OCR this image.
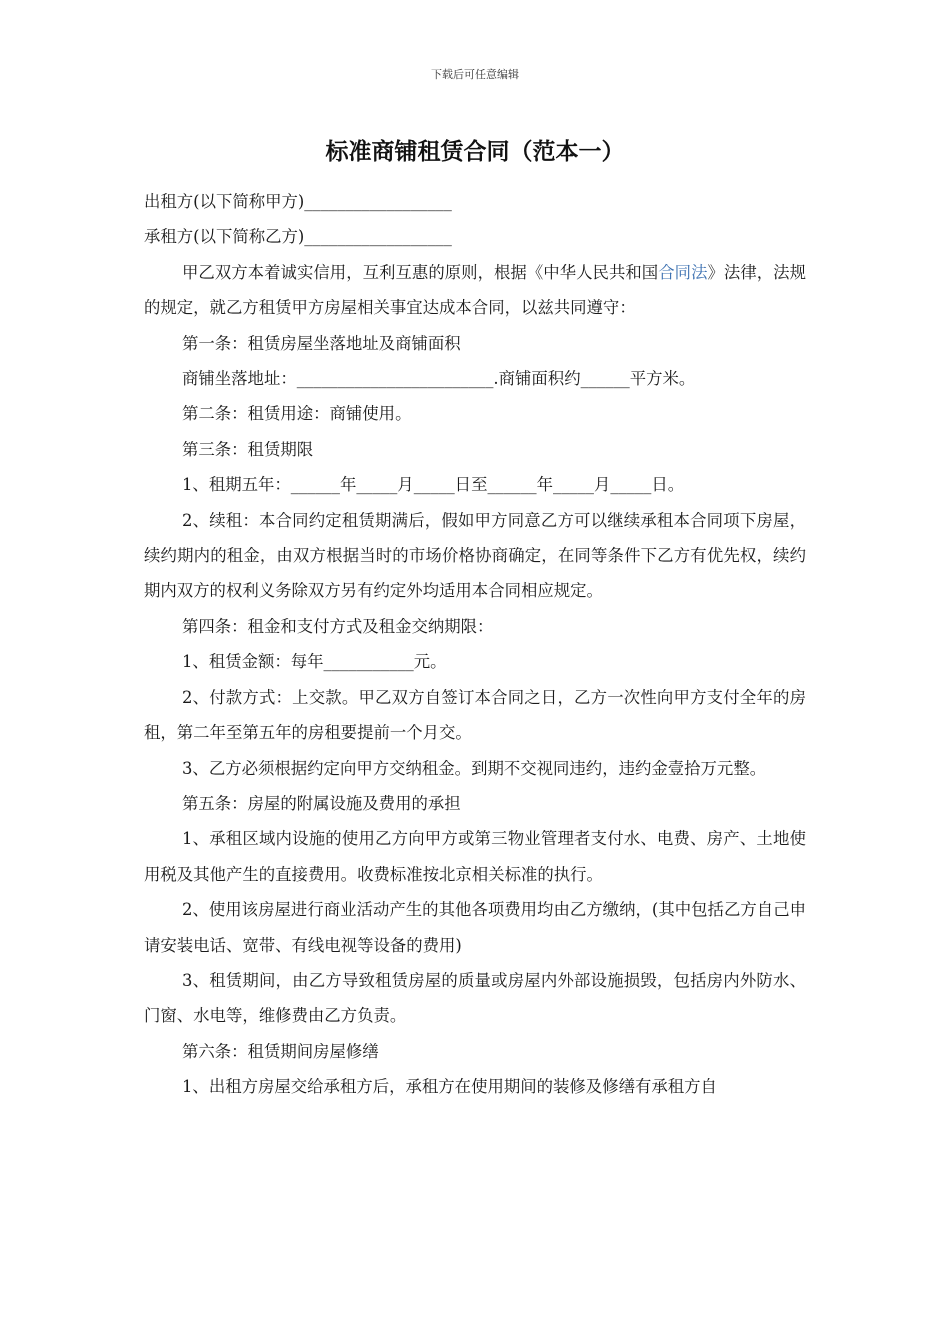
下载后可任意编辑
标准商铺租赁合同（范本一）

出租方(以下简称甲方)__________________

承租方(以下简称乙方)__________________

甲乙双方本着诚实信用，互利互惠的原则，根据《中华人民共和国合同法》法律，法规的规定，就乙方租赁甲方房屋相关事宜达成本合同，以兹共同遵守：

第一条：租赁房屋坐落地址及商铺面积

商铺坐落地址：________________________.商铺面积约______平方米。

第二条：租赁用途：商铺使用。

第三条：租赁期限

1、租期五年：______年_____月_____日至______年_____月_____日。

2、续租：本合同约定租赁期满后，假如甲方同意乙方可以继续承租本合同项下房屋，续约期内的租金，由双方根据当时的市场价格协商确定，在同等条件下乙方有优先权，续约期内双方的权利义务除双方另有约定外均适用本合同相应规定。

第四条：租金和支付方式及租金交纳期限：

1、租赁金额：每年___________元。

2、付款方式：上交款。甲乙双方自签订本合同之日，乙方一次性向甲方支付全年的房租，第二年至第五年的房租要提前一个月交。

3、乙方必须根据约定向甲方交纳租金。到期不交视同违约，违约金壹拾万元整。

第五条：房屋的附属设施及费用的承担

1、承租区域内设施的使用乙方向甲方或第三物业管理者支付水、电费、房产、土地使用税及其他产生的直接费用。收费标准按北京相关标准的执行。

2、使用该房屋进行商业活动产生的其他各项费用均由乙方缴纳，(其中包括乙方自己申请安装电话、宽带、有线电视等设备的费用)

3、租赁期间，由乙方导致租赁房屋的质量或房屋内外部设施损毁，包括房内外防水、门窗、水电等，维修费由乙方负责。

第六条：租赁期间房屋修缮

1、出租方房屋交给承租方后，承租方在使用期间的装修及修缮有承租方自
